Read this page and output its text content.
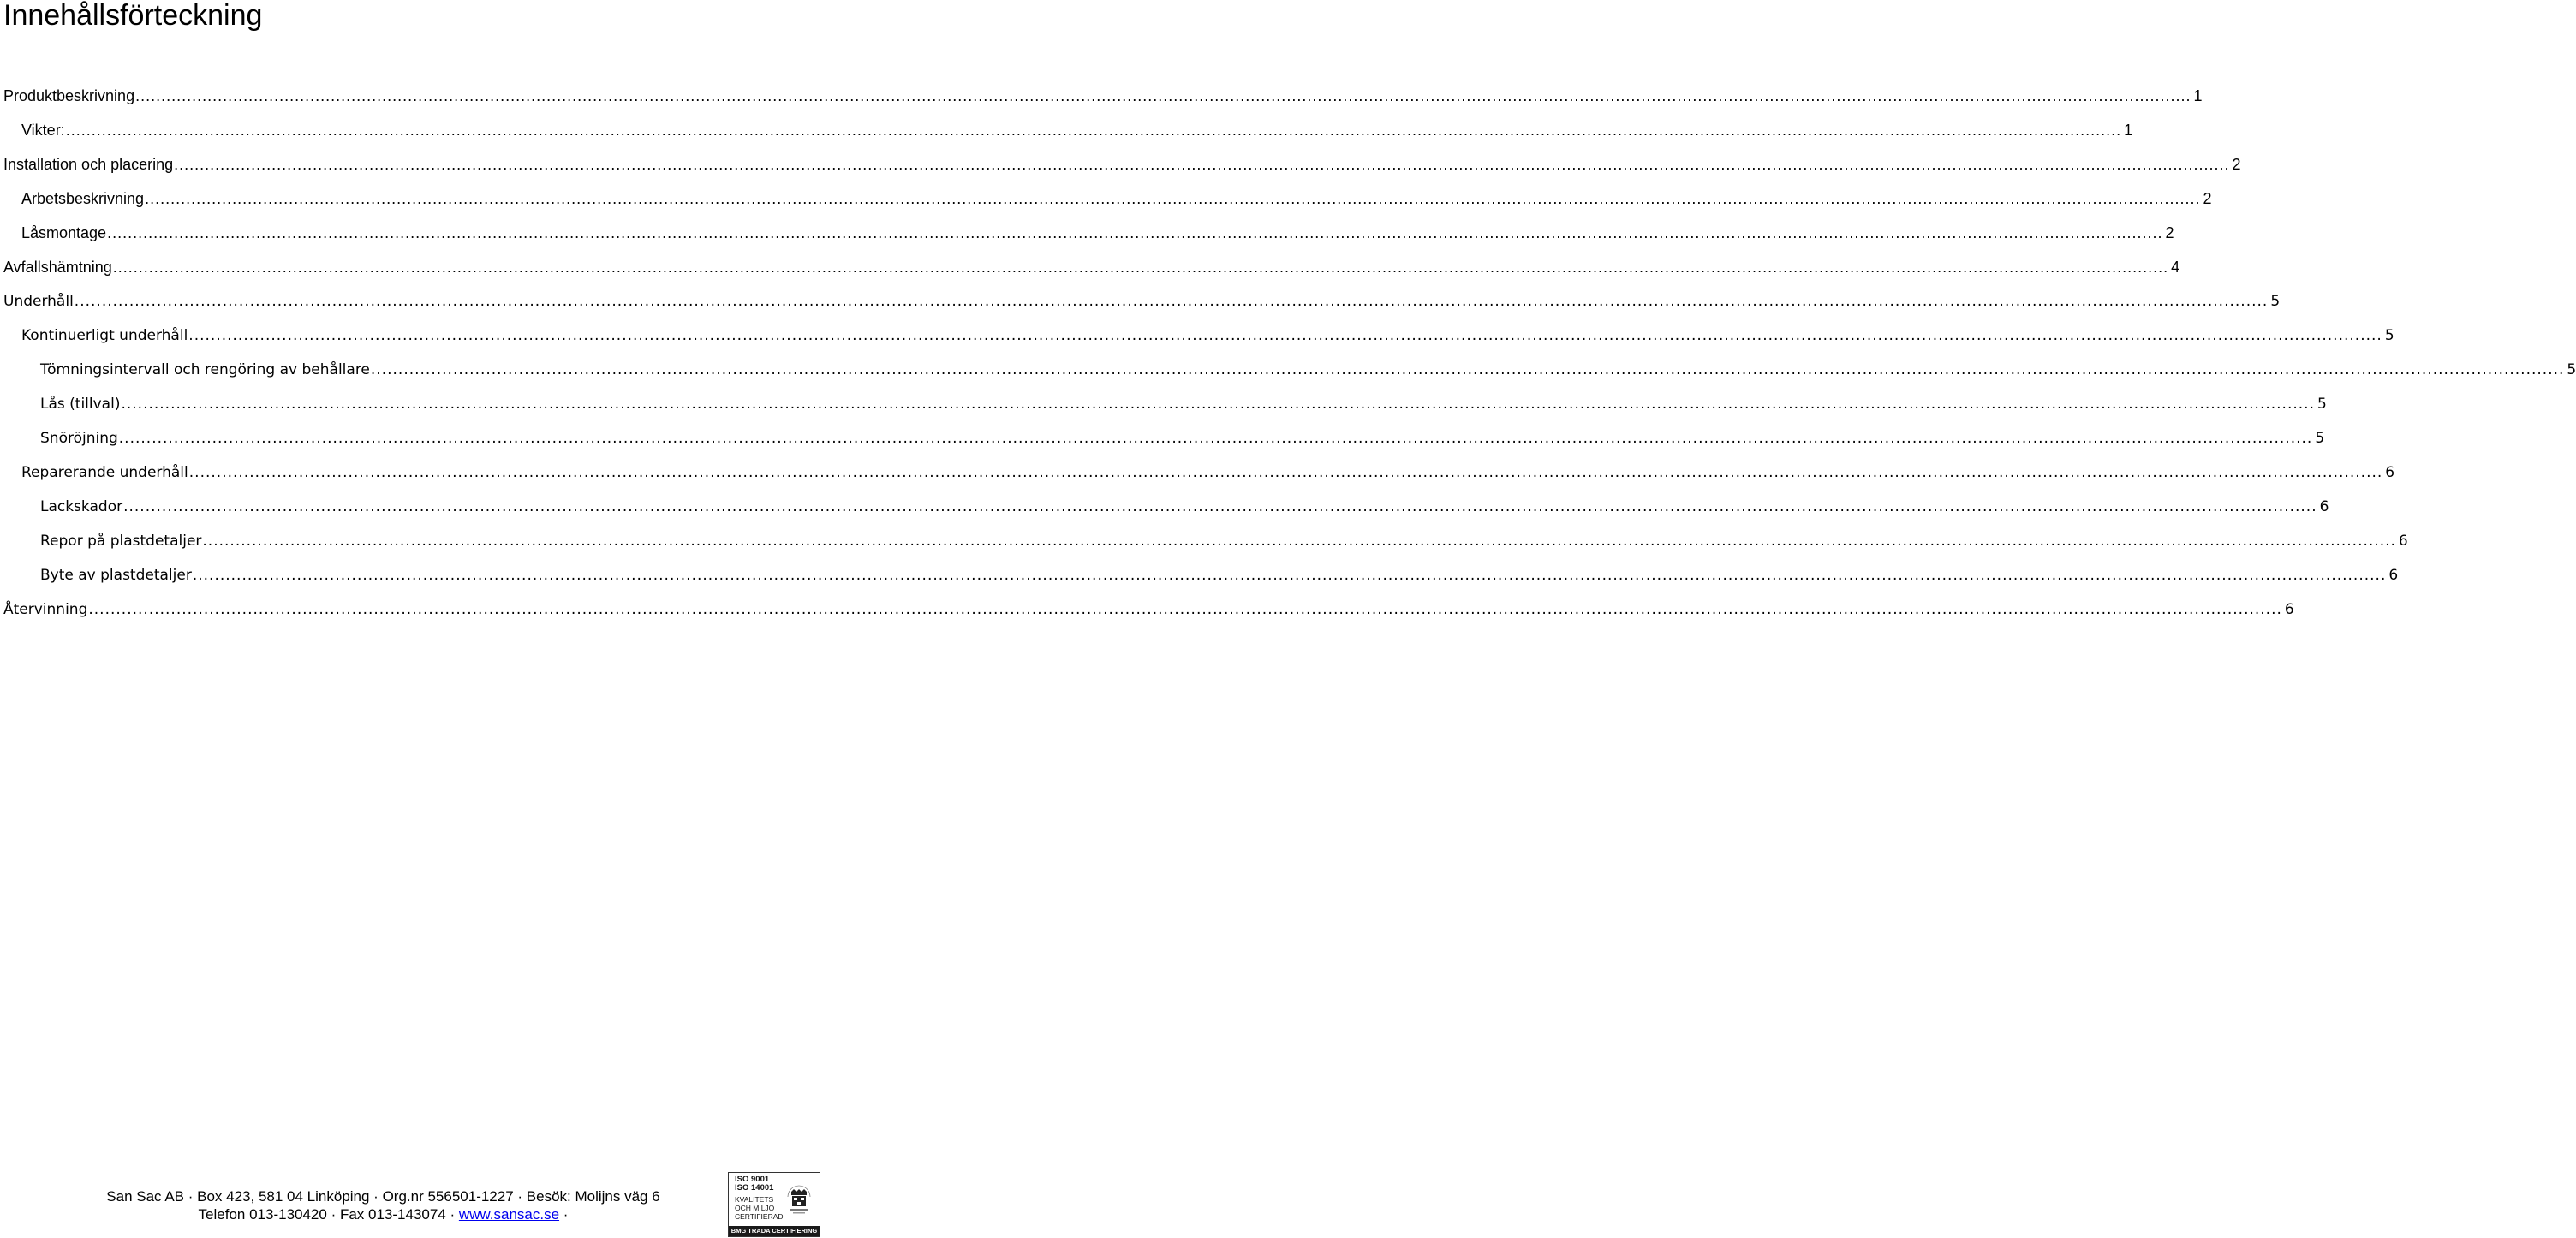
Innehållsförteckning
Produktbeskrivning ................................................................................................................................................................................................................................................................................................................................................................................................................ 1
Vikter: ................................................................................................................................................................................................................................................................................................................................................................................................................ 1
Installation och placering ................................................................................................................................................................................................................................................................................................................................................................................................................ 2
Arbetsbeskrivning ................................................................................................................................................................................................................................................................................................................................................................................................................ 2
Låsmontage ................................................................................................................................................................................................................................................................................................................................................................................................................ 2
Avfallshämtning ................................................................................................................................................................................................................................................................................................................................................................................................................ 4
Underhåll ................................................................................................................................................................................................................................................................................................................................................................................................................ 5
Kontinuerligt underhåll ................................................................................................................................................................................................................................................................................................................................................................................................................ 5
Tömningsintervall och rengöring av behållare ................................................................................................................................................................................................................................................................................................................................................................................................................ 5
Lås (tillval) ................................................................................................................................................................................................................................................................................................................................................................................................................ 5
Snöröjning ................................................................................................................................................................................................................................................................................................................................................................................................................ 5
Reparerande underhåll ................................................................................................................................................................................................................................................................................................................................................................................................................ 6
Lackskador ................................................................................................................................................................................................................................................................................................................................................................................................................ 6
Repor på plastdetaljer ................................................................................................................................................................................................................................................................................................................................................................................................................ 6
Byte av plastdetaljer ................................................................................................................................................................................................................................................................................................................................................................................................................ 6
Återvinning ................................................................................................................................................................................................................................................................................................................................................................................................................ 6
San Sac AB · Box 423, 581 04 Linköping · Org.nr 556501-1227 · Besök: Molijns väg 6
Telefon 013-130420 · Fax 013-143074 · www.sansac.se ·
ISO 9001
ISO 14001
KVALITETS
OCH MILJÖ
CERTIFIERAD
BMG TRADA CERTIFIERING
